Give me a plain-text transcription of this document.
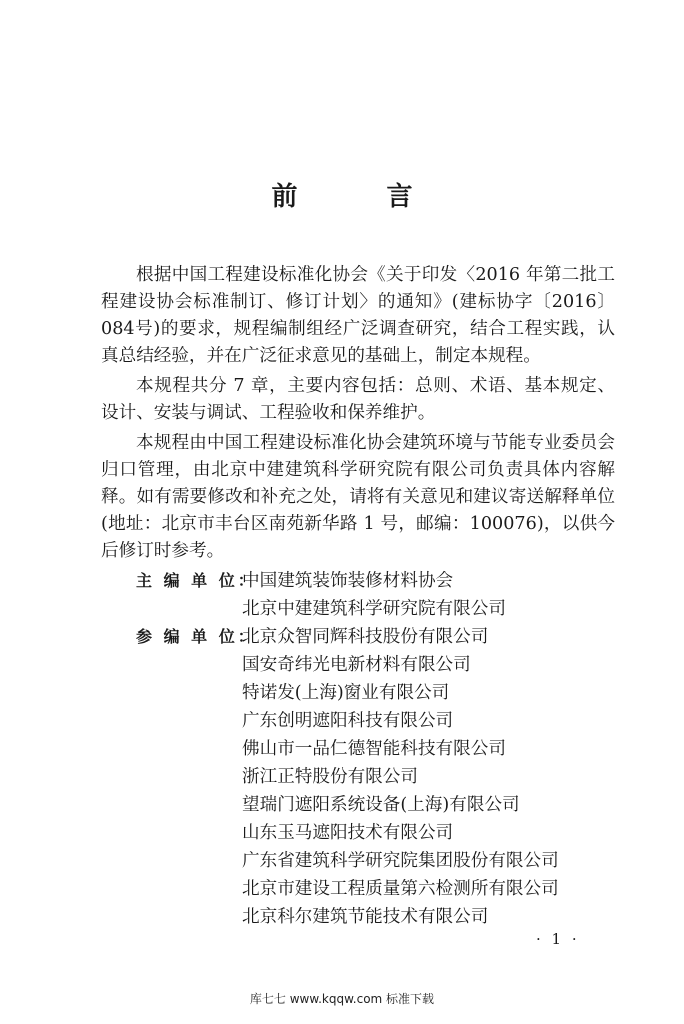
前 言

根据中国工程建设标准化协会《关于印发〈2016 年第二批工程建设协会标准制订、修订计划〉的通知》(建标协字〔2016〕084号)的要求，规程编制组经广泛调查研究，结合工程实践，认真总结经验，并在广泛征求意见的基础上，制定本规程。

本规程共分 7 章，主要内容包括：总则、术语、基本规定、设计、安装与调试、工程验收和保养维护。

本规程由中国工程建设标准化协会建筑环境与节能专业委员会归口管理，由北京中建建筑科学研究院有限公司负责具体内容解释。如有需要修改和补充之处，请将有关意见和建议寄送解释单位(地址：北京市丰台区南苑新华路 1 号，邮编：100076)，以供今后修订时参考。

主 编 单 位：
中国建筑装饰装修材料协会
北京中建建筑科学研究院有限公司
参 编 单 位：
北京众智同辉科技股份有限公司
国安奇纬光电新材料有限公司
特诺发(上海)窗业有限公司
广东创明遮阳科技有限公司
佛山市一品仁德智能科技有限公司
浙江正特股份有限公司
望瑞门遮阳系统设备(上海)有限公司
山东玉马遮阳技术有限公司
广东省建筑科学研究院集团股份有限公司
北京市建设工程质量第六检测所有限公司
北京科尔建筑节能技术有限公司
· 1 ·
库七七 www.kqqw.com 标准下载
